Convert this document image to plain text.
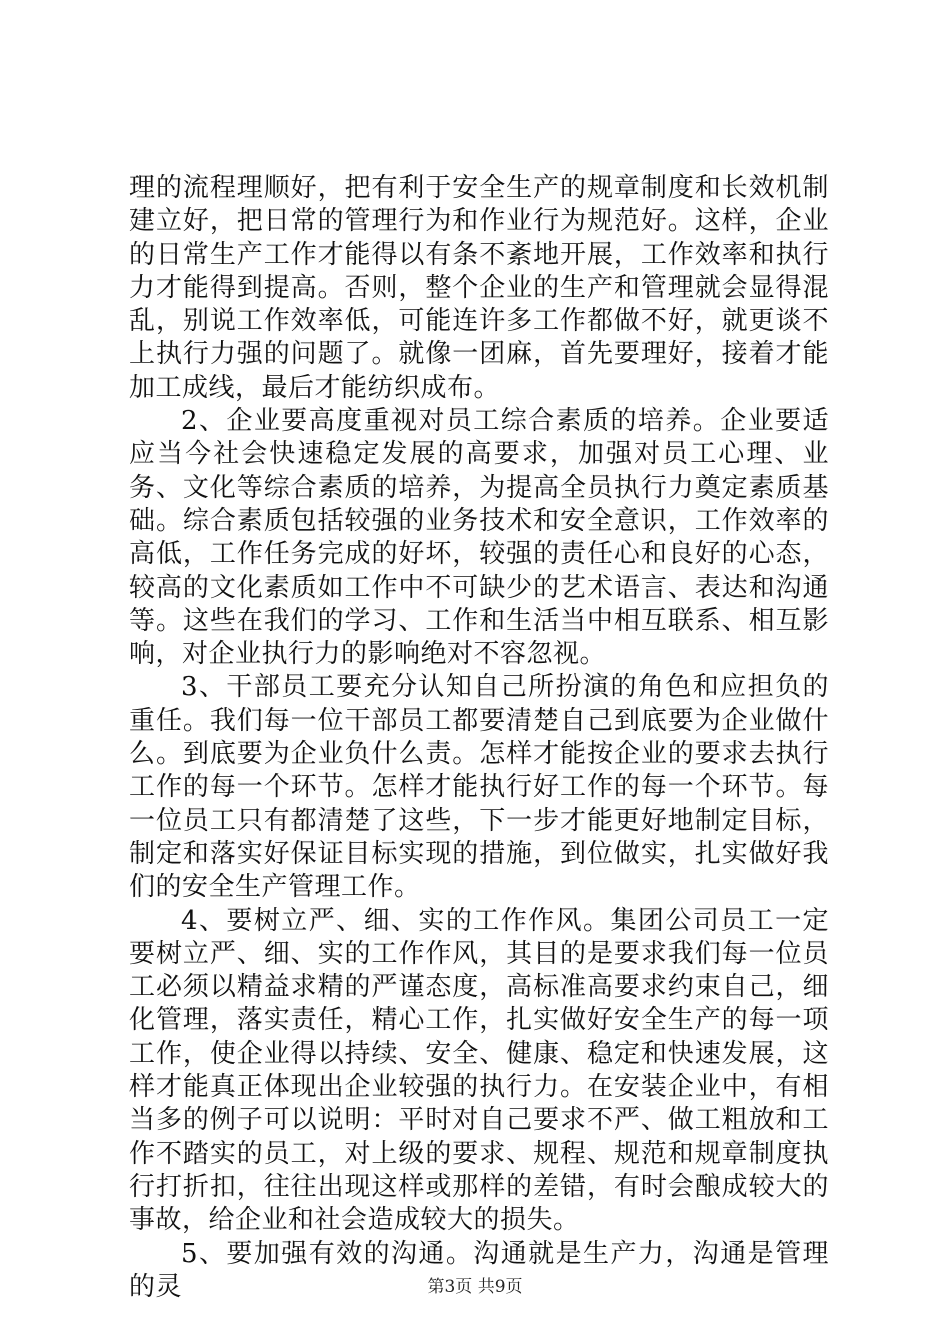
理的流程理顺好，把有利于安全生产的规章制度和长效机制建立好，把日常的管理行为和作业行为规范好。这样，企业的日常生产工作才能得以有条不紊地开展，工作效率和执行力才能得到提高。否则，整个企业的生产和管理就会显得混乱，别说工作效率低，可能连许多工作都做不好，就更谈不上执行力强的问题了。就像一团麻，首先要理好，接着才能加工成线，最后才能纺织成布。

2、企业要高度重视对员工综合素质的培养。企业要适应当今社会快速稳定发展的高要求，加强对员工心理、业务、文化等综合素质的培养，为提高全员执行力奠定素质基础。综合素质包括较强的业务技术和安全意识，工作效率的高低，工作任务完成的好坏，较强的责任心和良好的心态，较高的文化素质如工作中不可缺少的艺术语言、表达和沟通等。这些在我们的学习、工作和生活当中相互联系、相互影响，对企业执行力的影响绝对不容忽视。

3、干部员工要充分认知自己所扮演的角色和应担负的重任。我们每一位干部员工都要清楚自己到底要为企业做什么。到底要为企业负什么责。怎样才能按企业的要求去执行工作的每一个环节。怎样才能执行好工作的每一个环节。每一位员工只有都清楚了这些，下一步才能更好地制定目标，制定和落实好保证目标实现的措施，到位做实，扎实做好我们的安全生产管理工作。

4、要树立严、细、实的工作作风。集团公司员工一定要树立严、细、实的工作作风，其目的是要求我们每一位员工必须以精益求精的严谨态度，高标准高要求约束自己，细化管理，落实责任，精心工作，扎实做好安全生产的每一项工作，使企业得以持续、安全、健康、稳定和快速发展，这样才能真正体现出企业较强的执行力。在安装企业中，有相当多的例子可以说明：平时对自己要求不严、做工粗放和工作不踏实的员工，对上级的要求、规程、规范和规章制度执行打折扣，往往出现这样或那样的差错，有时会酿成较大的事故，给企业和社会造成较大的损失。

5、要加强有效的沟通。沟通就是生产力，沟通是管理的灵	第3页 共9页
